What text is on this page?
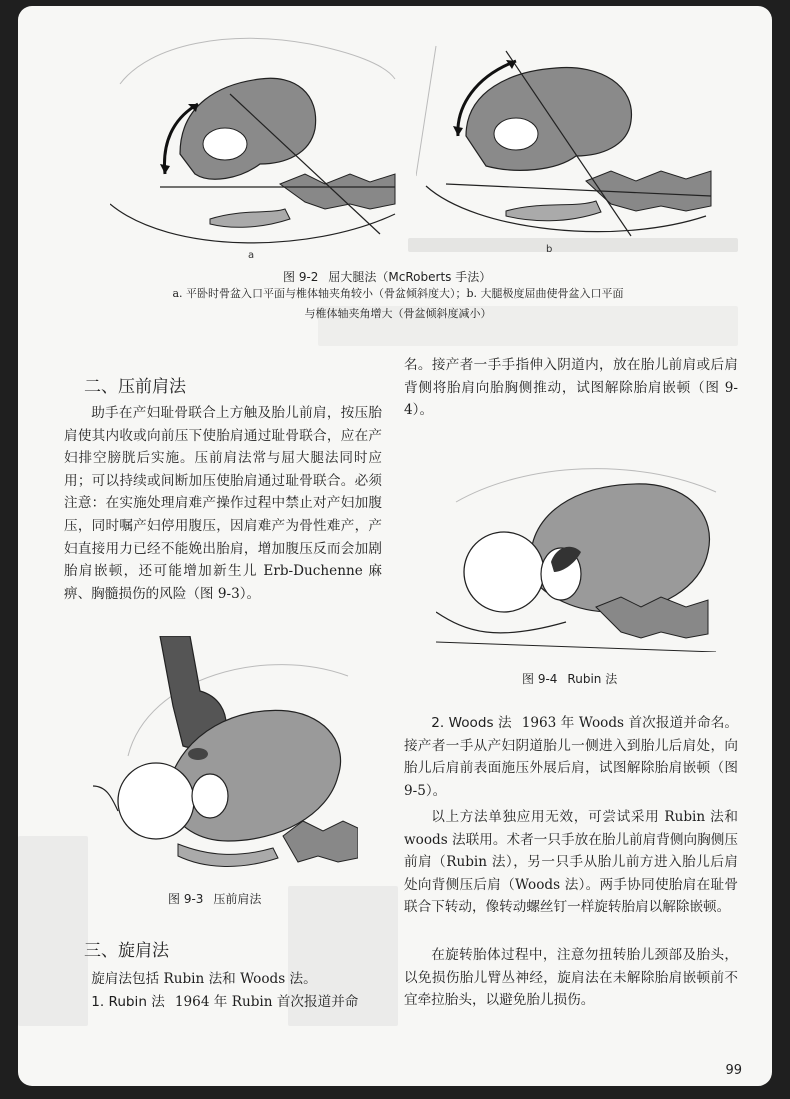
a
b
图 9-2 屈大腿法（McRoberts 手法）
a. 平卧时骨盆入口平面与椎体轴夹角较小（骨盆倾斜度大）；b. 大腿极度屈曲使骨盆入口平面
与椎体轴夹角增大（骨盆倾斜度减小）
二、压前肩法

助手在产妇耻骨联合上方触及胎儿前肩，按压胎肩使其内收或向前压下使胎肩通过耻骨联合，应在产妇排空膀胱后实施。压前肩法常与屈大腿法同时应用；可以持续或间断加压使胎肩通过耻骨联合。必须注意：在实施处理肩难产操作过程中禁止对产妇加腹压，同时嘱产妇停用腹压，因肩难产为骨性难产，产妇直接用力已经不能娩出胎肩，增加腹压反而会加剧胎肩嵌顿，还可能增加新生儿 Erb-Duchenne 麻痹、胸髓损伤的风险（图 9-3）。

图 9-3 压前肩法
三、旋肩法

旋肩法包括 Rubin 法和 Woods 法。

1. Rubin 法 1964 年 Rubin 首次报道并命

名。接产者一手手指伸入阴道内，放在胎儿前肩或后肩背侧将胎肩向胎胸侧推动，试图解除胎肩嵌顿（图 9-4）。

图 9-4 Rubin 法

2. Woods 法 1963 年 Woods 首次报道并命名。接产者一手从产妇阴道胎儿一侧进入到胎儿后肩处，向胎儿后肩前表面施压外展后肩，试图解除胎肩嵌顿（图 9-5）。

以上方法单独应用无效，可尝试采用 Rubin 法和 woods 法联用。术者一只手放在胎儿前肩背侧向胸侧压前肩（Rubin 法），另一只手从胎儿前方进入胎儿后肩处向背侧压后肩（Woods 法）。两手协同使胎肩在耻骨联合下转动，像转动螺丝钉一样旋转胎肩以解除嵌顿。

在旋转胎体过程中，注意勿扭转胎儿颈部及胎头，以免损伤胎儿臂丛神经，旋肩法在未解除胎肩嵌顿前不宜牵拉胎头，以避免胎儿损伤。

99
